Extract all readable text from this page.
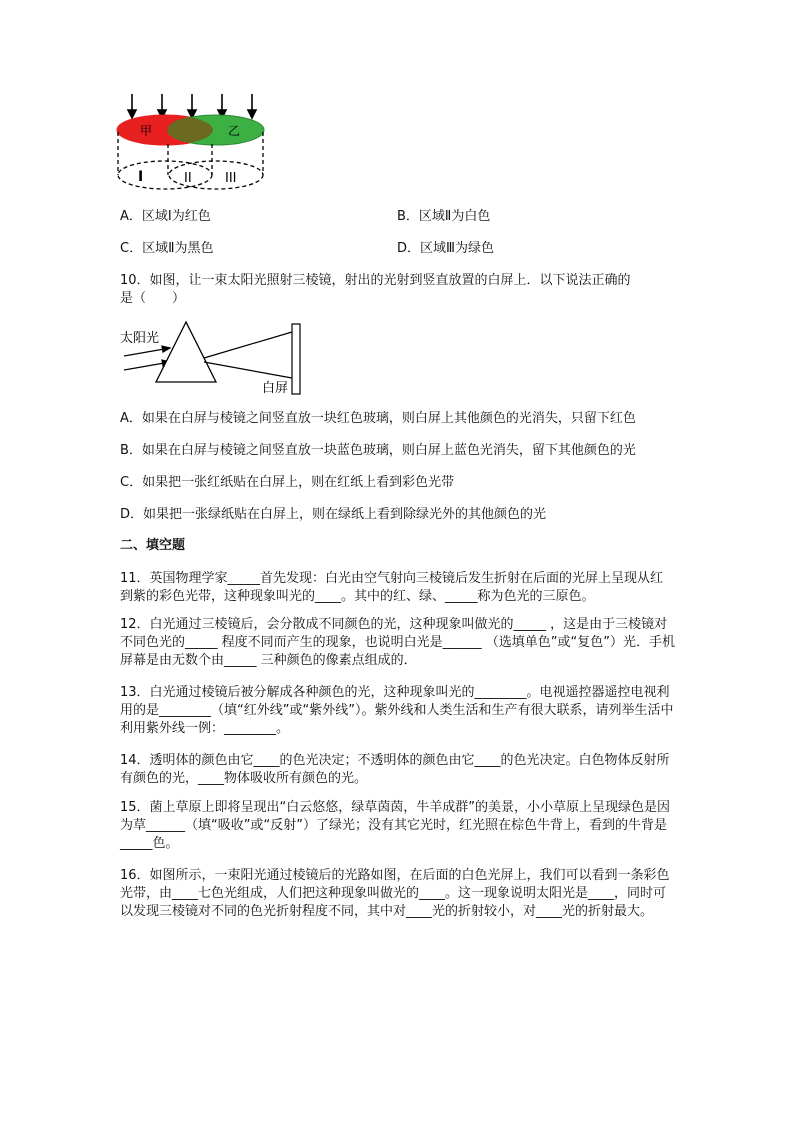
甲	乙
I	II	III
A．区域Ⅰ为红色	B．区域Ⅱ为白色
C．区域Ⅱ为黑色	D．区域Ⅲ为绿色
10．如图，让一束太阳光照射三棱镜，射出的光射到竖直放置的白屏上．以下说法正确的
是（　　）
太阳光
白屏
A．如果在白屏与棱镜之间竖直放一块红色玻璃，则白屏上其他颜色的光消失，只留下红色
B．如果在白屏与棱镜之间竖直放一块蓝色玻璃，则白屏上蓝色光消失，留下其他颜色的光
C．如果把一张红纸贴在白屏上，则在红纸上看到彩色光带
D．如果把一张绿纸贴在白屏上，则在绿纸上看到除绿光外的其他颜色的光
二、填空题
11．英国物理学家_____首先发现：白光由空气射向三棱镜后发生折射在后面的光屏上呈现从红到紫的彩色光带，这种现象叫光的____。其中的红、绿、_____称为色光的三原色。
12．白光通过三棱镜后，会分散成不同颜色的光，这种现象叫做光的_____ ，这是由于三棱镜对不同色光的_____ 程度不同而产生的现象，也说明白光是______ （选填单色”或“复色”）光．手机屏幕是由无数个由_____ 三种颜色的像素点组成的．
13．白光通过棱镜后被分解成各种颜色的光，这种现象叫光的________。电视遥控器遥控电视利用的是________（填“红外线”或“紫外线”）。紫外线和人类生活和生产有很大联系，请列举生活中利用紫外线一例：________。
14．透明体的颜色由它____的色光决定；不透明体的颜色由它____的色光决定。白色物体反射所有颜色的光，____物体吸收所有颜色的光。
15．菌上草原上即将呈现出“白云悠悠，绿草茵茵，牛羊成群”的美景，小小草原上呈现绿色是因为草______（填“吸收”或“反射”）了绿光；没有其它光时，红光照在棕色牛背上，看到的牛背是_____色。
16．如图所示，一束阳光通过棱镜后的光路如图，在后面的白色光屏上，我们可以看到一条彩色光带，由____七色光组成，人们把这种现象叫做光的____。这一现象说明太阳光是____，同时可以发现三棱镜对不同的色光折射程度不同，其中对____光的折射较小，对____光的折射最大。
